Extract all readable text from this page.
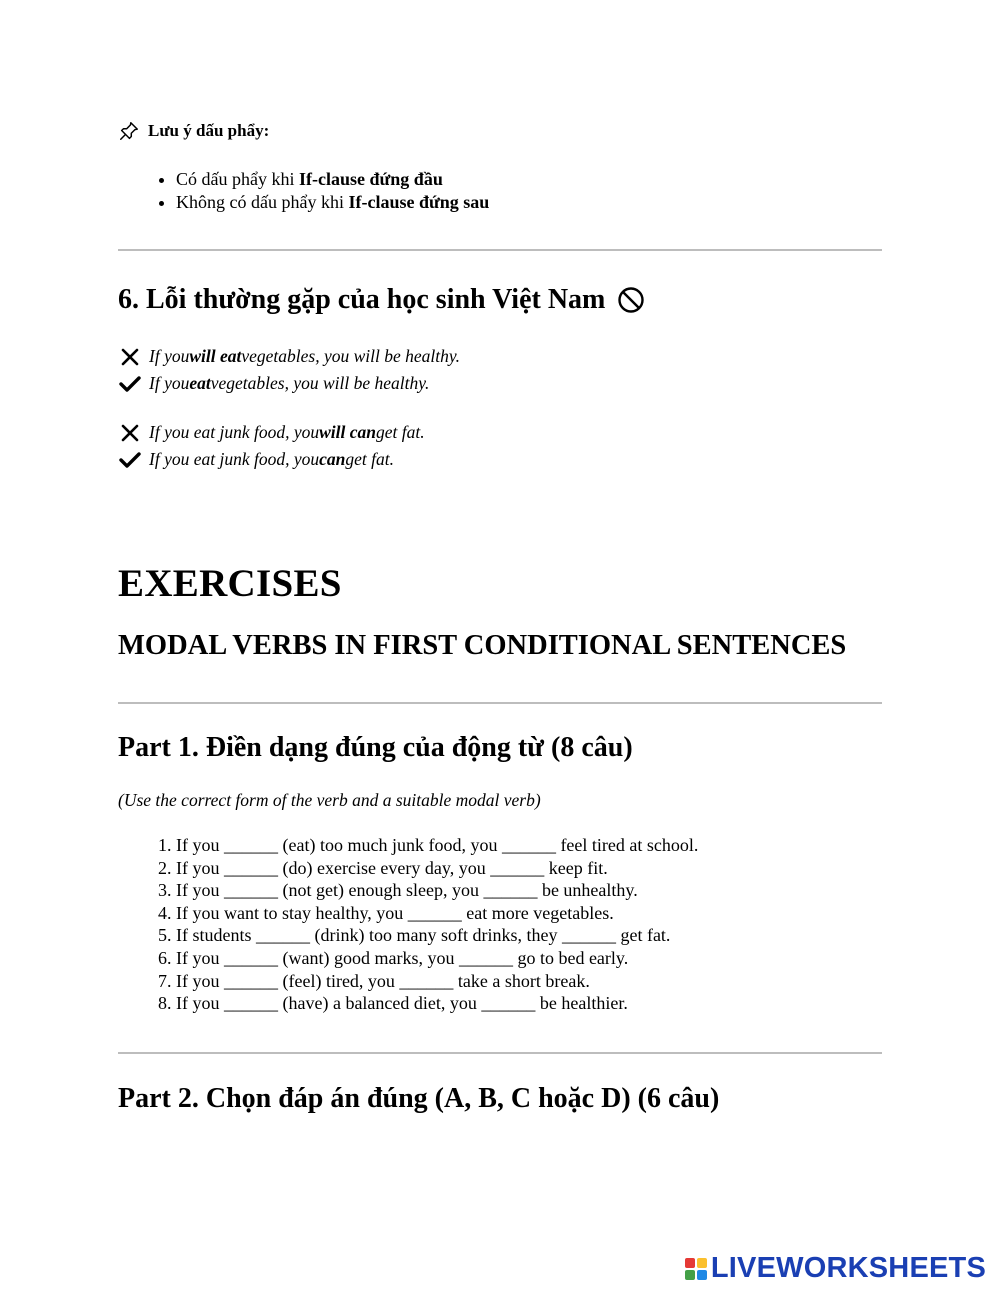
Lưu ý dấu phẩy:
• Có dấu phẩy khi If-clause đứng đầu
• Không có dấu phẩy khi If-clause đứng sau
6. Lỗi thường gặp của học sinh Việt Nam
If you will eat vegetables, you will be healthy.
If you eat vegetables, you will be healthy.
If you eat junk food, you will can get fat.
If you eat junk food, you can get fat.
EXERCISES
MODAL VERBS IN FIRST CONDITIONAL SENTENCES
Part 1. Điền dạng đúng của động từ (8 câu)
(Use the correct form of the verb and a suitable modal verb)
1. If you ______ (eat) too much junk food, you ______ feel tired at school.
2. If you ______ (do) exercise every day, you ______ keep fit.
3. If you ______ (not get) enough sleep, you ______ be unhealthy.
4. If you want to stay healthy, you ______ eat more vegetables.
5. If students ______ (drink) too many soft drinks, they ______ get fat.
6. If you ______ (want) good marks, you ______ go to bed early.
7. If you ______ (feel) tired, you ______ take a short break.
8. If you ______ (have) a balanced diet, you ______ be healthier.
Part 2. Chọn đáp án đúng (A, B, C hoặc D) (6 câu)
LIVEWORKSHEETS
